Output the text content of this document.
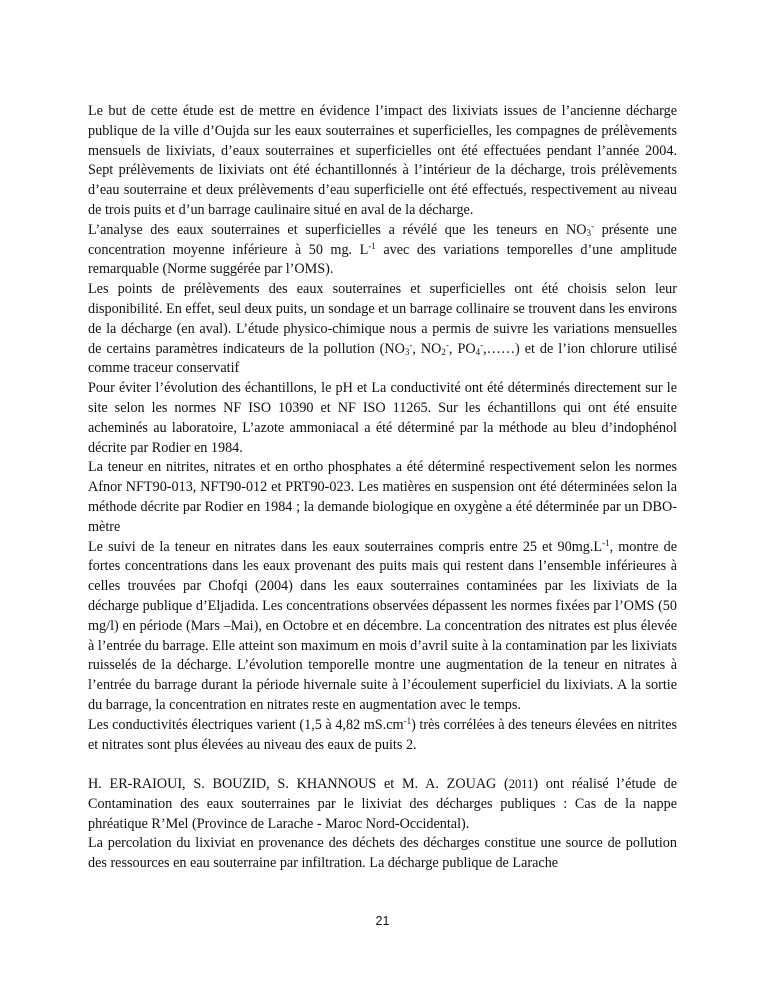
Le but de cette étude est de mettre en évidence l’impact des lixiviats issues de l’ancienne décharge publique de la ville d’Oujda sur les eaux souterraines et superficielles, les compagnes de prélèvements mensuels de lixiviats, d’eaux souterraines et superficielles ont été effectuées pendant l’année 2004. Sept prélèvements de lixiviats ont été échantillonnés à l’intérieur de la décharge, trois prélèvements d’eau souterraine et deux prélèvements d’eau superficielle ont été effectués, respectivement au niveau de trois puits et d’un barrage caulinaire situé en aval de la décharge.

L’analyse des eaux souterraines et superficielles a révélé que les teneurs en $NO_3^-$ présente une concentration moyenne inférieure à 50 mg. $L^{-1}$ avec des variations temporelles d’une amplitude remarquable (Norme suggérée par l’OMS).

Les points de prélèvements des eaux souterraines et superficielles ont été choisis selon leur disponibilité. En effet, seul deux puits, un sondage et un barrage collinaire se trouvent dans les environs de la décharge (en aval). L’étude physico-chimique nous a permis de suivre les variations mensuelles de certains paramètres indicateurs de la pollution ($NO_3^-$, $NO_2^-$, $PO_4^-,\dots\dots$) et de l’ion chlorure utilisé comme traceur conservatif

Pour éviter l’évolution des échantillons, le pH et La conductivité ont été déterminés directement sur le site selon les normes NF ISO 10390 et NF ISO 11265. Sur les échantillons qui ont été ensuite acheminés au laboratoire, L’azote ammoniacal a été déterminé par la méthode au bleu d’indophénol décrite par Rodier en 1984.

La teneur en nitrites, nitrates et en ortho phosphates a été déterminé respectivement selon les normes Afnor NFT90-013, NFT90-012 et PRT90-023. Les matières en suspension ont été déterminées selon la méthode décrite par Rodier en 1984 ; la demande biologique en oxygène a été déterminée par un DBO-mètre

Le suivi de la teneur en nitrates dans les eaux souterraines compris entre 25 et $90mg.L^{-1}$, montre de fortes concentrations dans les eaux provenant des puits mais qui restent dans l’ensemble inférieures à celles trouvées par Chofqi (2004) dans les eaux souterraines contaminées par les lixiviats de la décharge publique d’Eljadida. Les concentrations observées dépassent les normes fixées par l’OMS (50 mg/l) en période (Mars –Mai), en Octobre et en décembre. La concentration des nitrates est plus élevée à l’entrée du barrage. Elle atteint son maximum en mois d’avril suite à la contamination par les lixiviats ruisselés de la décharge. L’évolution temporelle montre une augmentation de la teneur en nitrates à l’entrée du barrage durant la période hivernale suite à l’écoulement superficiel du lixiviats. A la sortie du barrage, la concentration en nitrates reste en augmentation avec le temps.

Les conductivités électriques varient (1,5 à 4,82 $mS.cm^{-1}$) très corrélées à des teneurs élevées en nitrites et nitrates sont plus élevées au niveau des eaux de puits 2.

H. ER-RAIOUI, S. BOUZID, S. KHANNOUS et M. A. ZOUAG (2011) ont réalisé l’étude de Contamination des eaux souterraines par le lixiviat des décharges publiques : Cas de la nappe phréatique R’Mel (Province de Larache - Maroc Nord-Occidental).

La percolation du lixiviat en provenance des déchets des décharges constitue une source de pollution des ressources en eau souterraine par infiltration. La décharge publique de Larache

21
